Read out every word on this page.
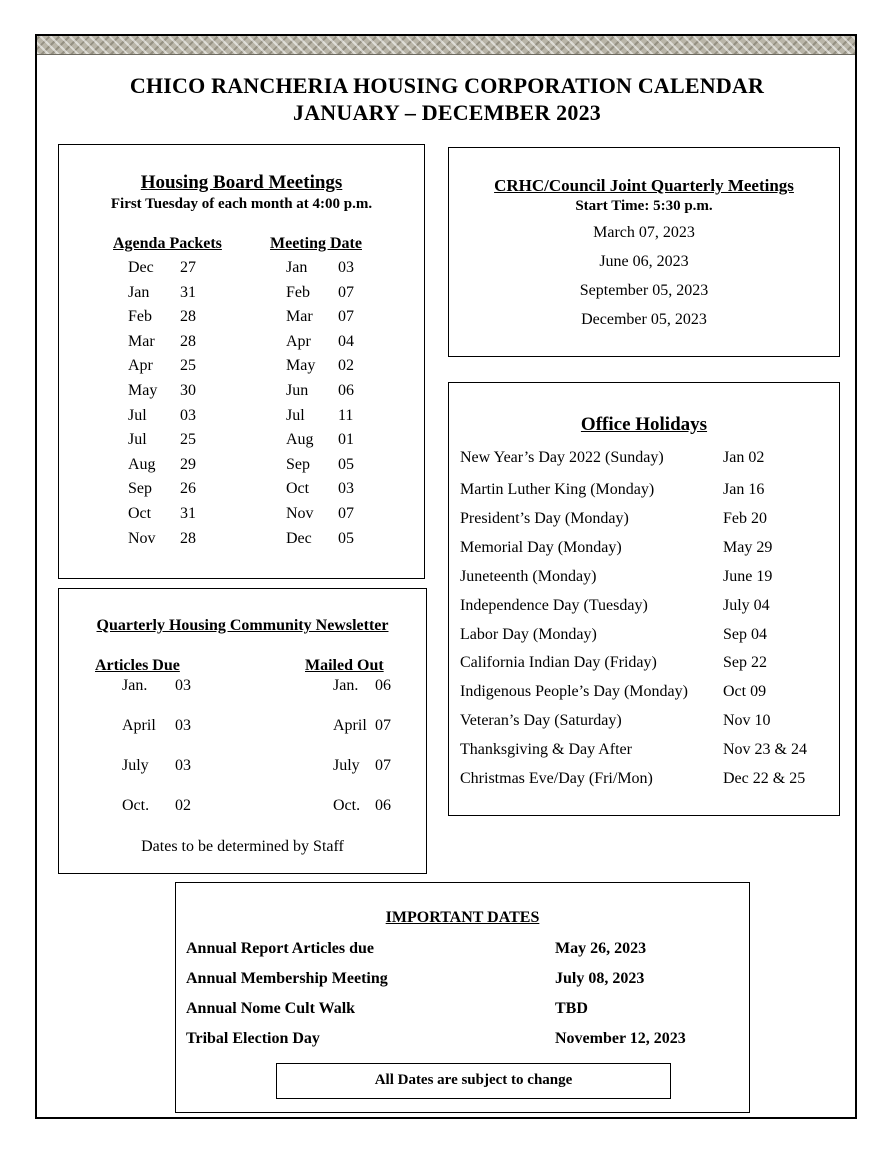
CHICO RANCHERIA HOUSING CORPORATION CALENDAR
JANUARY – DECEMBER 2023
Housing Board Meetings
First Tuesday of each month at 4:00 p.m.
Agenda Packets	Meeting Date
Dec 27	Jan 03
Jan 31	Feb 07
Feb 28	Mar 07
Mar 28	Apr 04
Apr 25	May 02
May 30	Jun 06
Jul 03	Jul 11
Jul 25	Aug 01
Aug 29	Sep 05
Sep 26	Oct 03
Oct 31	Nov 07
Nov 28	Dec 05
CRHC/Council Joint Quarterly Meetings
Start Time: 5:30 p.m.
March 07, 2023
June 06, 2023
September 05, 2023
December 05, 2023
Office Holidays
New Year’s Day 2022 (Sunday)	Jan 02
Martin Luther King (Monday)	Jan 16
President’s Day (Monday)	Feb 20
Memorial Day (Monday)	May 29
Juneteenth (Monday)	June 19
Independence Day (Tuesday)	July 04
Labor Day (Monday)	Sep 04
California Indian Day (Friday)	Sep 22
Indigenous People’s Day (Monday) Oct 09
Veteran’s Day (Saturday)	Nov 10
Thanksgiving & Day After	Nov 23 & 24
Christmas Eve/Day (Fri/Mon)	Dec 22 & 25
Quarterly Housing Community Newsletter
Articles Due	Mailed Out
Jan. 03	Jan. 06
April 03	April 07
July 03	July 07
Oct. 02	Oct. 06
Dates to be determined by Staff
IMPORTANT DATES
Annual Report Articles due	May 26, 2023
Annual Membership Meeting	July 08, 2023
Annual Nome Cult Walk	TBD
Tribal Election Day	November 12, 2023
All Dates are subject to change
